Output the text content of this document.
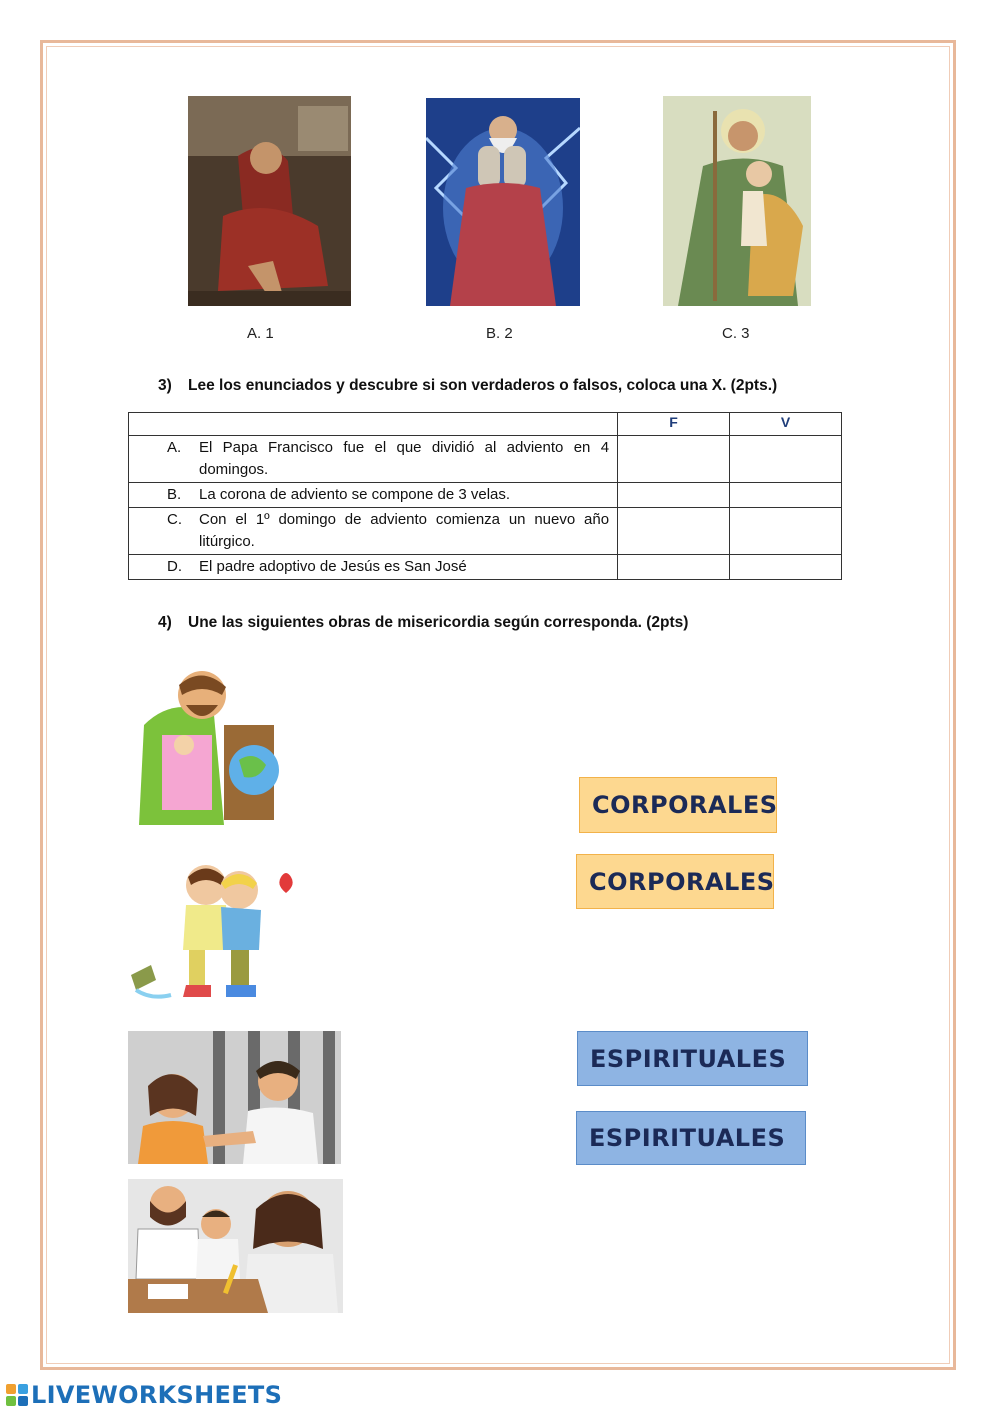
A. 1	B. 2	C. 3
3) Lee los enunciados y descubre si son verdaderos o falsos, coloca una X. (2pts.)
	F	V

A. El Papa Francisco fue el que dividió al adviento en 4 domingos.		

B. La corona de adviento se compone de 3 velas.		

C. Con el 1º domingo de adviento comienza un nuevo año litúrgico.		

D. El padre adoptivo de Jesús es San José		

4) Une las siguientes obras de misericordia según corresponda. (2pts)
CORPORALES
CORPORALES
ESPIRITUALES
ESPIRITUALES
LIVEWORKSHEETS
